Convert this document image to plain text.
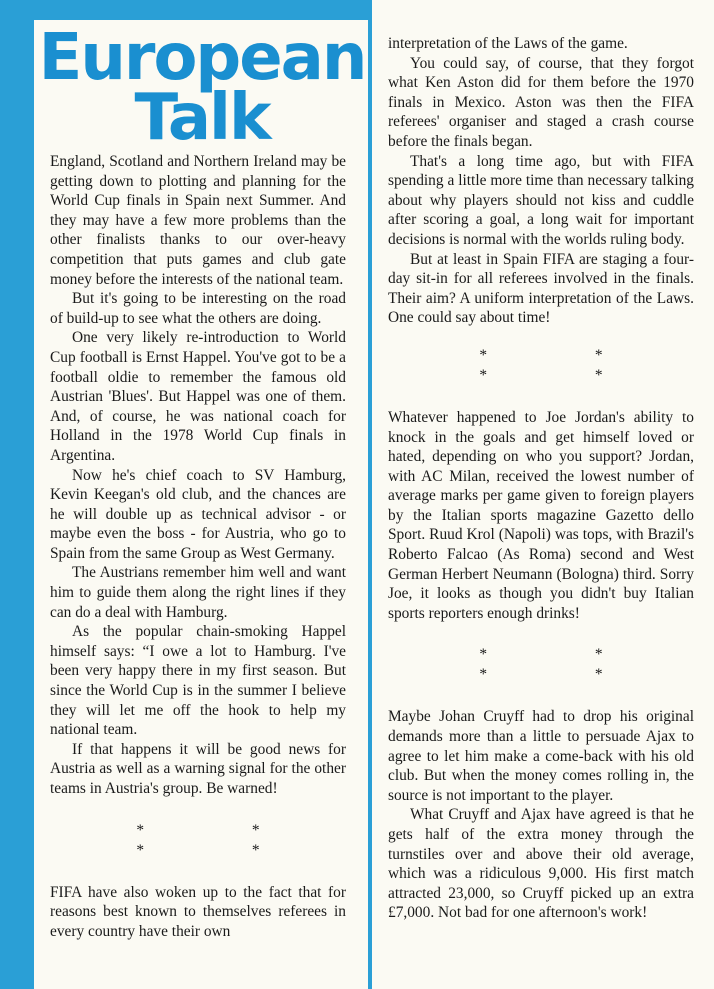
European
Talk

England, Scotland and Northern Ireland may be getting down to plotting and planning for the World Cup finals in Spain next Summer. And they may have a few more problems than the other finalists thanks to our over-heavy competition that puts games and club gate money before the interests of the national team.

But it's going to be interesting on the road of build-up to see what the others are doing.

One very likely re-introduction to World Cup football is Ernst Happel. You've got to be a football oldie to remember the famous old Austrian 'Blues'. But Happel was one of them. And, of course, he was national coach for Holland in the 1978 World Cup finals in Argentina.

Now he's chief coach to SV Hamburg, Kevin Keegan's old club, and the chances are he will double up as technical advisor - or maybe even the boss - for Austria, who go to Spain from the same Group as West Germany.

The Austrians remember him well and want him to guide them along the right lines if they can do a deal with Hamburg.

As the popular chain-smoking Happel himself says: “I owe a lot to Hamburg. I've been very happy there in my first season. But since the World Cup is in the summer I believe they will let me off the hook to help my national team.

If that happens it will be good news for Austria as well as a warning signal for the other teams in Austria's group. Be warned!

* * * *

FIFA have also woken up to the fact that for reasons best known to themselves referees in every country have their own

interpretation of the Laws of the game.

You could say, of course, that they forgot what Ken Aston did for them before the 1970 finals in Mexico. Aston was then the FIFA referees' organiser and staged a crash course before the finals began.

That's a long time ago, but with FIFA spending a little more time than necessary talking about why players should not kiss and cuddle after scoring a goal, a long wait for important decisions is normal with the worlds ruling body.

But at least in Spain FIFA are staging a four-day sit-in for all referees involved in the finals. Their aim? A uniform interpretation of the Laws. One could say about time!

* * * *

Whatever happened to Joe Jordan's ability to knock in the goals and get himself loved or hated, depending on who you support? Jordan, with AC Milan, received the lowest number of average marks per game given to foreign players by the Italian sports magazine Gazetto dello Sport. Ruud Krol (Napoli) was tops, with Brazil's Roberto Falcao (As Roma) second and West German Herbert Neumann (Bologna) third. Sorry Joe, it looks as though you didn't buy Italian sports reporters enough drinks!

* * * *

Maybe Johan Cruyff had to drop his original demands more than a little to persuade Ajax to agree to let him make a come-back with his old club. But when the money comes rolling in, the source is not important to the player.

What Cruyff and Ajax have agreed is that he gets half of the extra money through the turnstiles over and above their old average, which was a ridiculous 9,000. His first match attracted 23,000, so Cruyff picked up an extra £7,000. Not bad for one afternoon's work!
